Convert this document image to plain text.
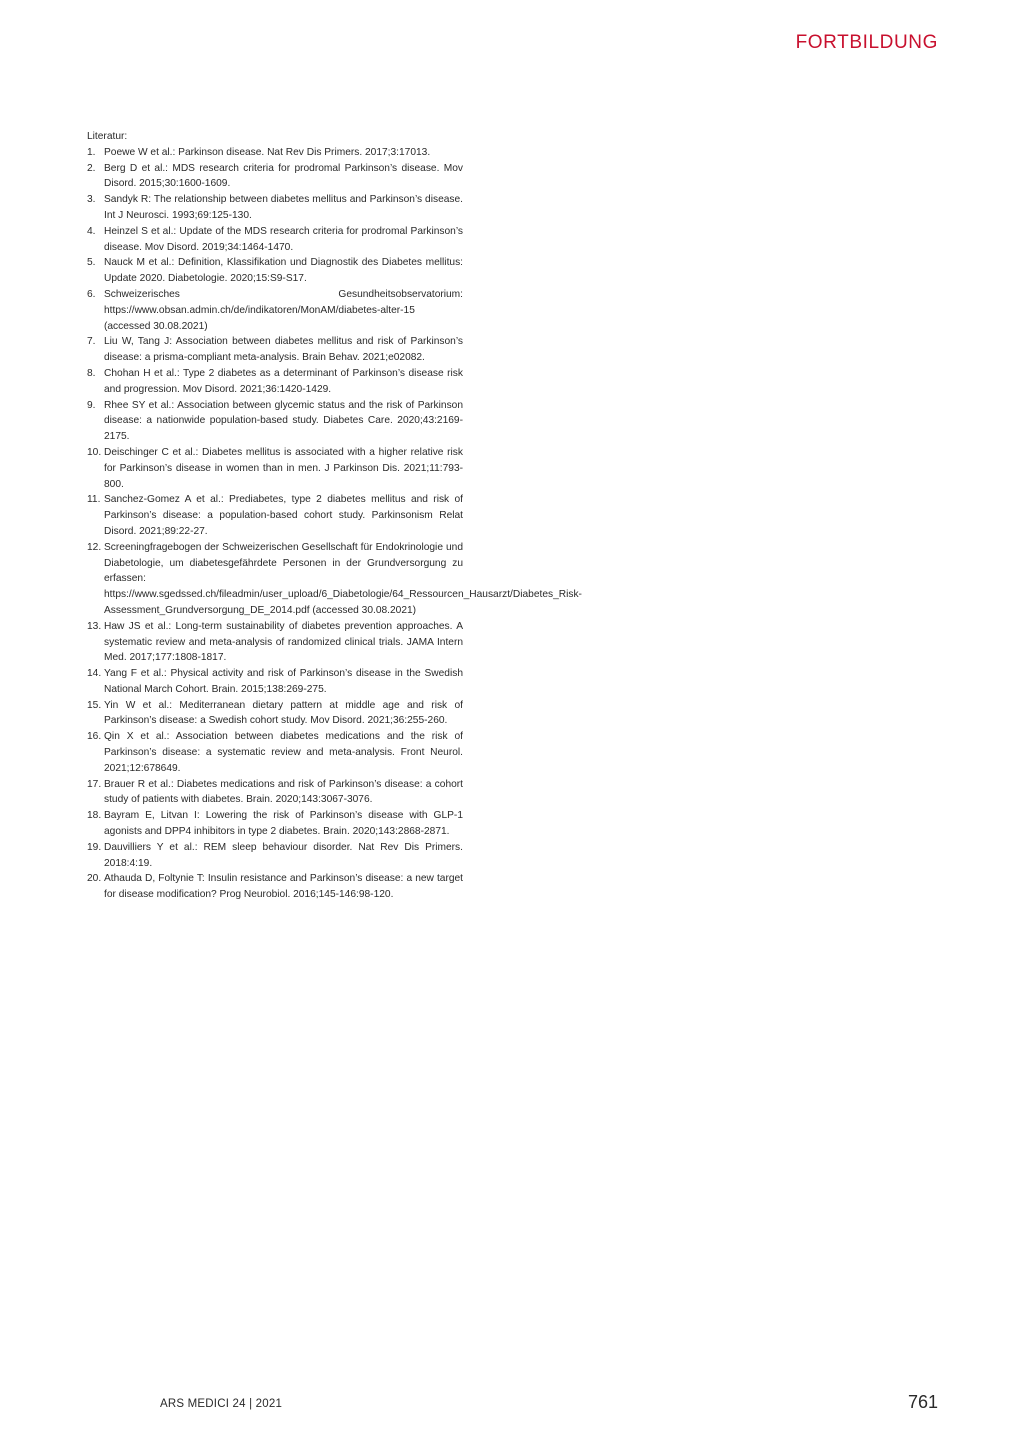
FORTBILDUNG
Literatur:
1. Poewe W et al.: Parkinson disease. Nat Rev Dis Primers. 2017;3:17013.
2. Berg D et al.: MDS research criteria for prodromal Parkinson’s disease. Mov Disord. 2015;30:1600-1609.
3. Sandyk R: The relationship between diabetes mellitus and Parkinson’s disease. Int J Neurosci. 1993;69:125-130.
4. Heinzel S et al.: Update of the MDS research criteria for prodromal Parkinson’s disease. Mov Disord. 2019;34:1464-1470.
5. Nauck M et al.: Definition, Klassifikation und Diagnostik des Diabetes mellitus: Update 2020. Diabetologie. 2020;15:S9-S17.
6. Schweizerisches Gesundheitsobservatorium: https://www.obsan.admin.ch/de/indikatoren/MonAM/diabetes-alter-15 (accessed 30.08.2021)
7. Liu W, Tang J: Association between diabetes mellitus and risk of Parkinson’s disease: a prisma-compliant meta-analysis. Brain Behav. 2021;e02082.
8. Chohan H et al.: Type 2 diabetes as a determinant of Parkinson’s disease risk and progression. Mov Disord. 2021;36:1420-1429.
9. Rhee SY et al.: Association between glycemic status and the risk of Parkinson disease: a nationwide population-based study. Diabetes Care. 2020;43:2169-2175.
10. Deischinger C et al.: Diabetes mellitus is associated with a higher relative risk for Parkinson’s disease in women than in men. J Parkinson Dis. 2021;11:793-800.
11. Sanchez-Gomez A et al.: Prediabetes, type 2 diabetes mellitus and risk of Parkinson’s disease: a population-based cohort study. Parkinsonism Relat Disord. 2021;89:22-27.
12. Screeningfragebogen der Schweizerischen Gesellschaft für Endokrinologie und Diabetologie, um diabetesgefährdete Personen in der Grundversorgung zu erfassen: https://www.sgedssed.ch/fileadmin/user_upload/6_Diabetologie/64_Ressourcen_Hausarzt/Diabetes_Risk-Assessment_Grundversorgung_DE_2014.pdf (accessed 30.08.2021)
13. Haw JS et al.: Long-term sustainability of diabetes prevention approaches. A systematic review and meta-analysis of randomized clinical trials. JAMA Intern Med. 2017;177:1808-1817.
14. Yang F et al.: Physical activity and risk of Parkinson’s disease in the Swedish National March Cohort. Brain. 2015;138:269-275.
15. Yin W et al.: Mediterranean dietary pattern at middle age and risk of Parkinson’s disease: a Swedish cohort study. Mov Disord. 2021;36:255-260.
16. Qin X et al.: Association between diabetes medications and the risk of Parkinson’s disease: a systematic review and meta-analysis. Front Neurol. 2021;12:678649.
17. Brauer R et al.: Diabetes medications and risk of Parkinson’s disease: a cohort study of patients with diabetes. Brain. 2020;143:3067-3076.
18. Bayram E, Litvan I: Lowering the risk of Parkinson’s disease with GLP-1 agonists and DPP4 inhibitors in type 2 diabetes. Brain. 2020;143:2868-2871.
19. Dauvilliers Y et al.: REM sleep behaviour disorder. Nat Rev Dis Primers. 2018:4:19.
20. Athauda D, Foltynie T: Insulin resistance and Parkinson’s disease: a new target for disease modification? Prog Neurobiol. 2016;145-146:98-120.
ARS MEDICI 24 | 2021	761
